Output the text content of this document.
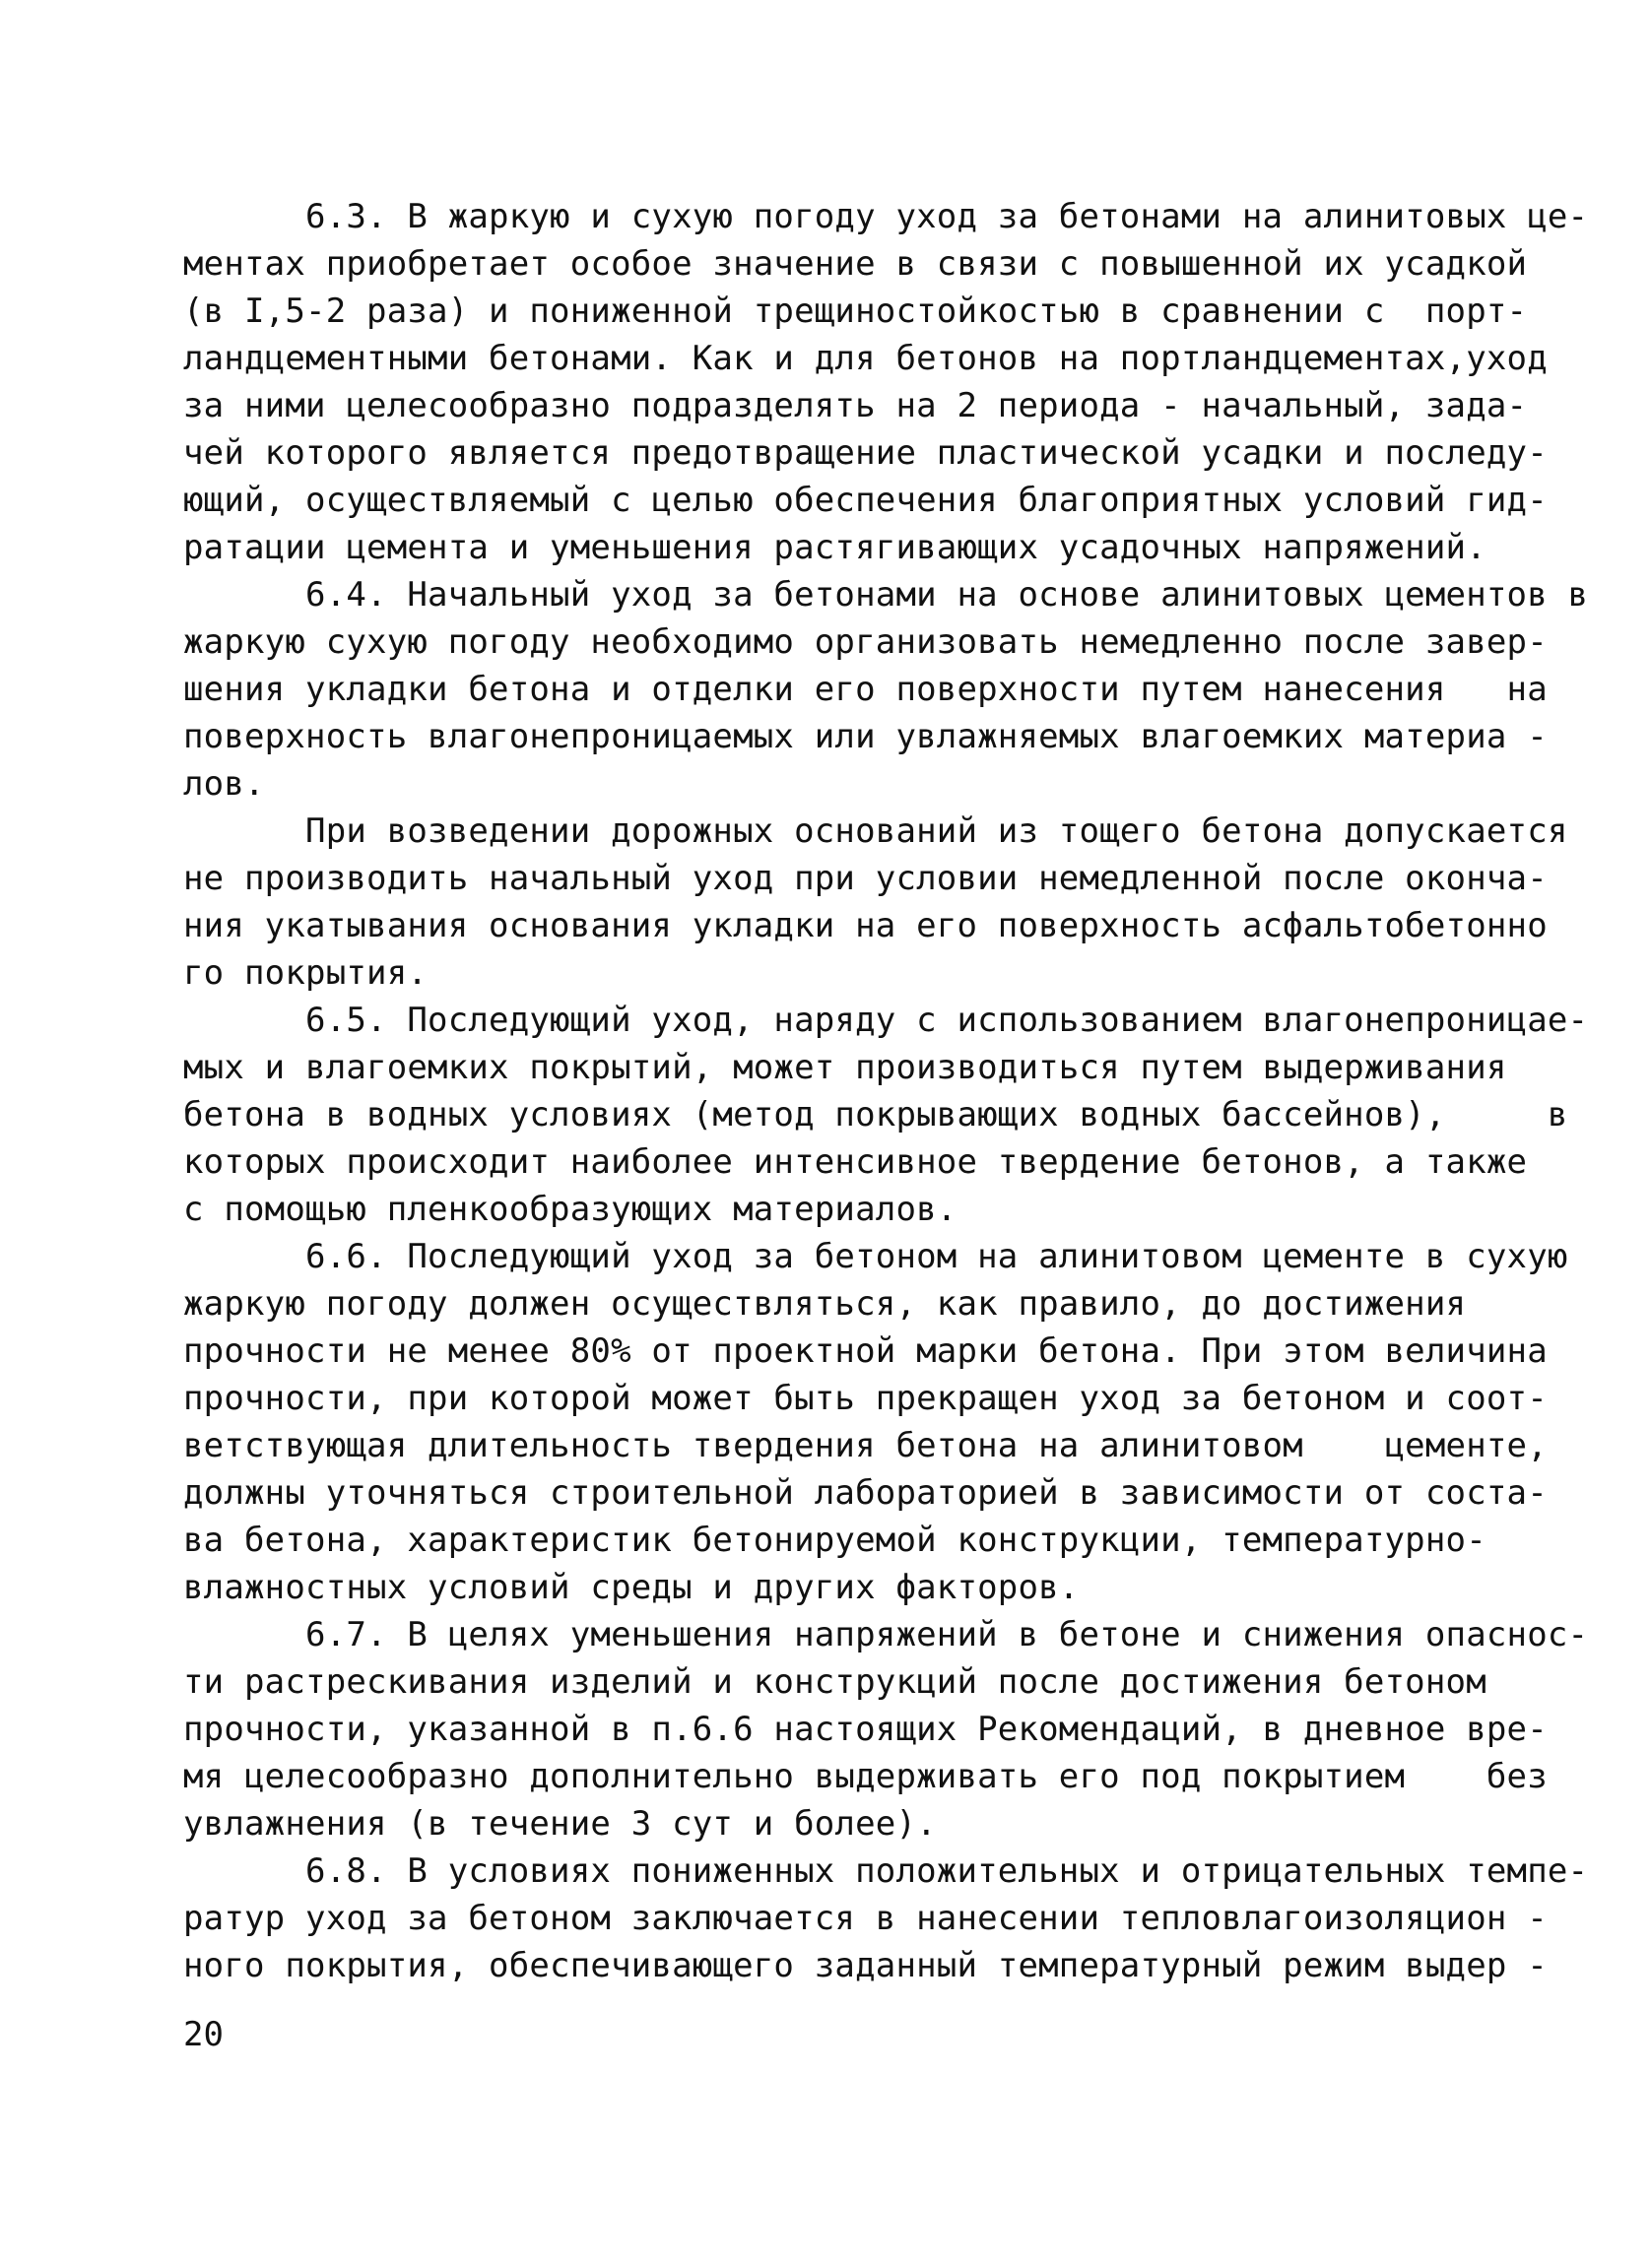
6.3. В жаркую и сухую погоду уход за бетонами на алинитовых це-
ментах приобретает особое значение в связи с повышенной их усадкой
(в I,5-2 раза) и пониженной трещиностойкостью в сравнении с  порт-
ландцементными бетонами. Как и для бетонов на портландцементах,уход
за ними целесообразно подразделять на 2 периода - начальный, зада-
чей которого является предотвращение пластической усадки и последу-
ющий, осуществляемый с целью обеспечения благоприятных условий гид-
ратации цемента и уменьшения растягивающих усадочных напряжений.
6.4. Начальный уход за бетонами на основе алинитовых цементов в
жаркую сухую погоду необходимо организовать немедленно после завер-
шения укладки бетона и отделки его поверхности путем нанесения   на
поверхность влагонепроницаемых или увлажняемых влагоемких материа -
лов.
При возведении дорожных оснований из тощего бетона допускается
не производить начальный уход при условии немедленной после оконча-
ния укатывания основания укладки на его поверхность асфальтобетонно
го покрытия.
6.5. Последующий уход, наряду с использованием влагонепроницае-
мых и влагоемких покрытий, может производиться путем выдерживания
бетона в водных условиях (метод покрывающих водных бассейнов),     в
которых происходит наиболее интенсивное твердение бетонов, а также
с помощью пленкообразующих материалов.
6.6. Последующий уход за бетоном на алинитовом цементе в сухую
жаркую погоду должен осуществляться, как правило, до достижения
прочности не менее 80% от проектной марки бетона. При этом величина
прочности, при которой может быть прекращен уход за бетоном и соот-
ветствующая длительность твердения бетона на алинитовом    цементе,
должны уточняться строительной лабораторией в зависимости от соста-
ва бетона, характеристик бетонируемой конструкции, температурно-
влажностных условий среды и других факторов.
6.7. В целях уменьшения напряжений в бетоне и снижения опаснос-
ти растрескивания изделий и конструкций после достижения бетоном
прочности, указанной в п.6.6 настоящих Рекомендаций, в дневное вре-
мя целесообразно дополнительно выдерживать его под покрытием    без
увлажнения (в течение 3 сут и более).
6.8. В условиях пониженных положительных и отрицательных темпе-
ратур уход за бетоном заключается в нанесении тепловлагоизоляцион -
ного покрытия, обеспечивающего заданный температурный режим выдер -
20
